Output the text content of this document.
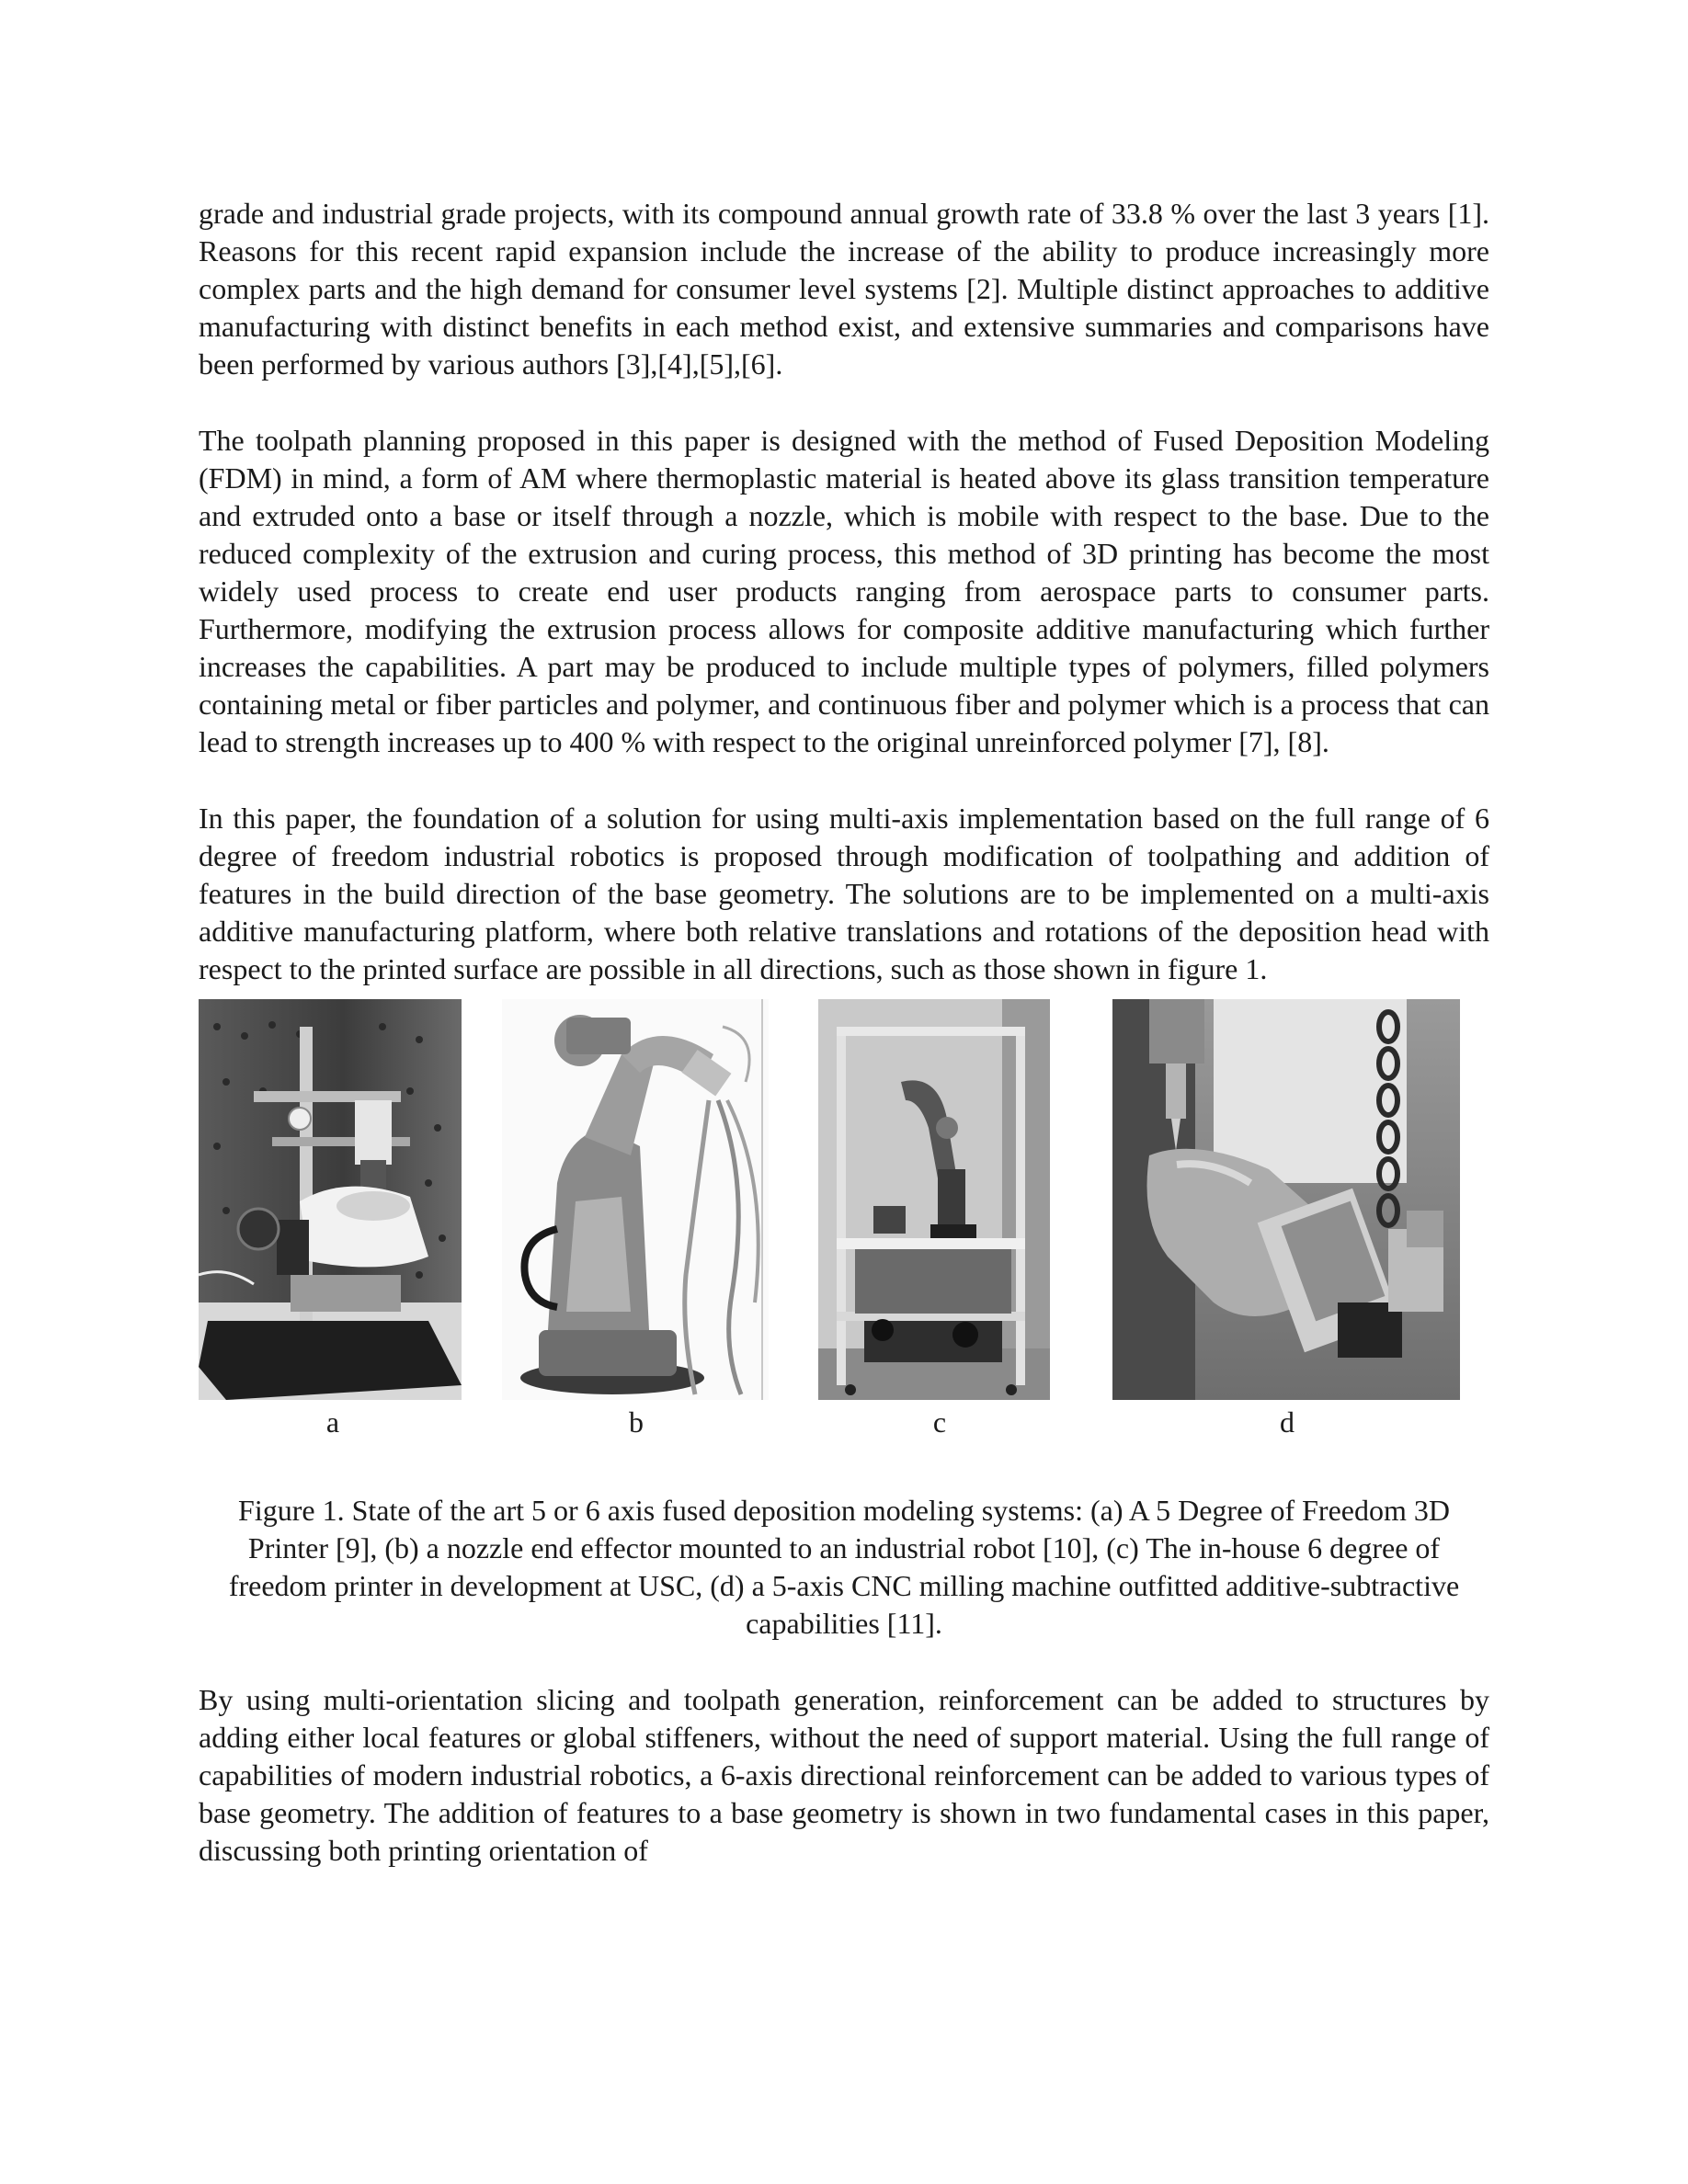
grade and industrial grade projects, with its compound annual growth rate of 33.8 % over the last 3 years [1]. Reasons for this recent rapid expansion include the increase of the ability to produce increasingly more complex parts and the high demand for consumer level systems [2]. Multiple distinct approaches to additive manufacturing with distinct benefits in each method exist, and extensive summaries and comparisons have been performed by various authors [3],[4],[5],[6].

The toolpath planning proposed in this paper is designed with the method of Fused Deposition Modeling (FDM) in mind, a form of AM where thermoplastic material is heated above its glass transition temperature and extruded onto a base or itself through a nozzle, which is mobile with respect to the base. Due to the reduced complexity of the extrusion and curing process, this method of 3D printing has become the most widely used process to create end user products ranging from aerospace parts to consumer parts. Furthermore, modifying the extrusion process allows for composite additive manufacturing which further increases the capabilities. A part may be produced to include multiple types of polymers, filled polymers containing metal or fiber particles and polymer, and continuous fiber and polymer which is a process that can lead to strength increases up to 400 % with respect to the original unreinforced polymer [7], [8].

In this paper, the foundation of a solution for using multi-axis implementation based on the full range of 6 degree of freedom industrial robotics is proposed through modification of toolpathing and addition of features in the build direction of the base geometry. The solutions are to be implemented on a multi-axis additive manufacturing platform, where both relative translations and rotations of the deposition head with respect to the printed surface are possible in all directions, such as those shown in figure 1.

a	b	c	d

Figure 1. State of the art 5 or 6 axis fused deposition modeling systems: (a) A 5 Degree of Freedom 3D Printer [9], (b) a nozzle end effector mounted to an industrial robot [10], (c) The in-house 6 degree of freedom printer in development at USC, (d) a 5-axis CNC milling machine outfitted additive-subtractive capabilities [11].

By using multi-orientation slicing and toolpath generation, reinforcement can be added to structures by adding either local features or global stiffeners, without the need of support material. Using the full range of capabilities of modern industrial robotics, a 6-axis directional reinforcement can be added to various types of base geometry. The addition of features to a base geometry is shown in two fundamental cases in this paper, discussing both printing orientation of
